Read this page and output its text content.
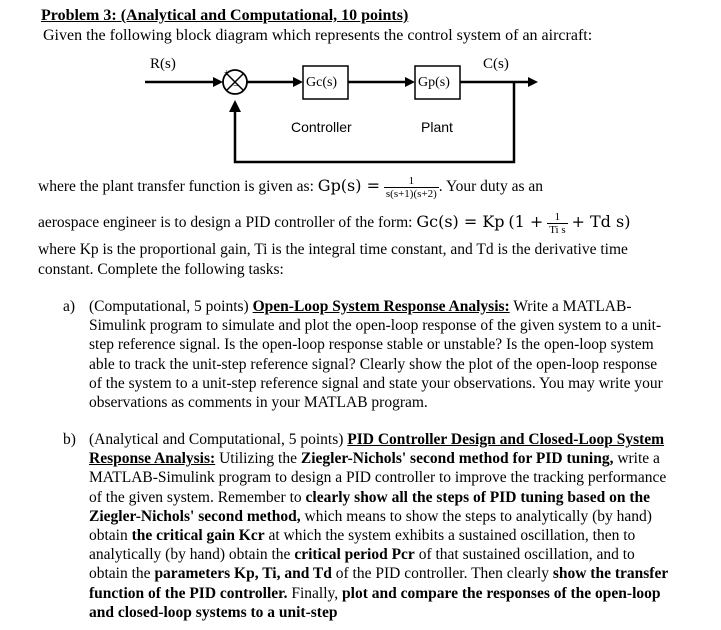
Problem 3: (Analytical and Computational, 10 points)
Given the following block diagram which represents the control system of an aircraft:
R(s)	C(s)
+
−	Gc(s)	Gp(s)
Controller	Plant
where the plant transfer function is given as: $Gp(s) = \frac{1}{s(s+1)(s+2)}$ . Your duty as an
aerospace engineer is to design a PID controller of the form: Gc(s) = Kp ($1 + \frac{1}{\text{Ti s}} + Td$ s)
where Kp is the proportional gain, Ti is the integral time constant, and Td is the derivative time
constant. Complete the following tasks:
a) (Computational, 5 points) Open-Loop System Response Analysis: Write a MATLAB-Simulink program to simulate and plot the open-loop response of the given system to a unit-step reference signal. Is the open-loop response stable or unstable? Is the open-loop system able to track the unit-step reference signal? Clearly show the plot of the open-loop response of the system to a unit-step reference signal and state your observations. You may write your observations as comments in your MATLAB program.
b) (Analytical and Computational, 5 points) PID Controller Design and Closed-Loop System Response Analysis: Utilizing the Ziegler-Nichols' second method for PID tuning, write a MATLAB-Simulink program to design a PID controller to improve the tracking performance of the given system. Remember to clearly show all the steps of PID tuning based on the Ziegler-Nichols' second method, which means to show the steps to analytically (by hand) obtain the critical gain Kcr at which the system exhibits a sustained oscillation, then to analytically (by hand) obtain the critical period Pcr of that sustained oscillation, and to obtain the parameters Kp, Ti, and Td of the PID controller. Then clearly show the transfer function of the PID controller. Finally, plot and compare the responses of the open-loop and closed-loop systems to a unit-step
